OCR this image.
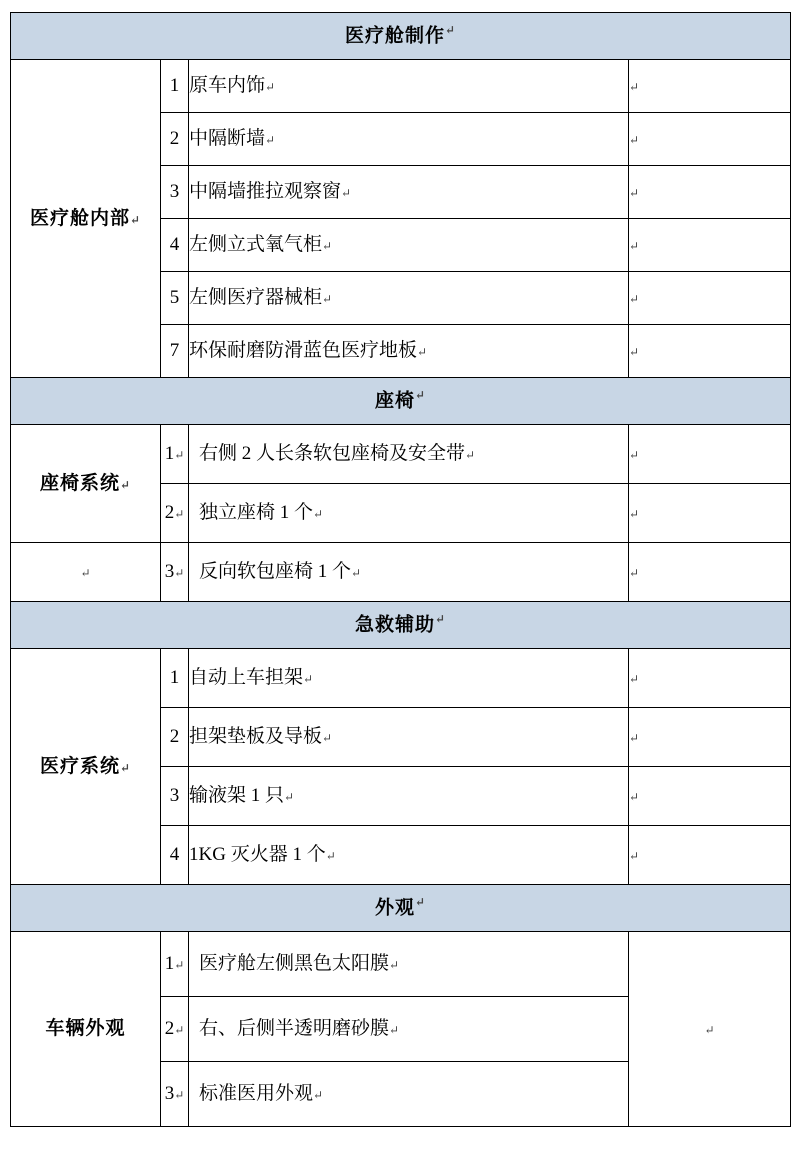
医疗舱制作↵
医疗舱内部↵	1	原车内饰↵	↵
	2	中隔断墙↵	↵
	3	中隔墙推拉观察窗↵	↵
	4	左侧立式氧气柜↵	↵
	5	左侧医疗器械柜↵	↵
	7	环保耐磨防滑蓝色医疗地板↵	↵
座椅↵
座椅系统↵	1↵	右侧 2 人长条软包座椅及安全带↵	↵
	2↵	独立座椅 1 个↵	↵
↵	3↵	反向软包座椅 1 个↵	↵
急救辅助↵
医疗系统↵	1	自动上车担架↵	↵
	2	担架垫板及导板↵	↵
	3	输液架 1 只↵	↵
	4	1KG 灭火器 1 个↵	↵
外观↵
车辆外观	1↵	医疗舱左侧黑色太阳膜↵	↵
	2↵	右、后侧半透明磨砂膜↵	
	3↵	标准医用外观↵	
